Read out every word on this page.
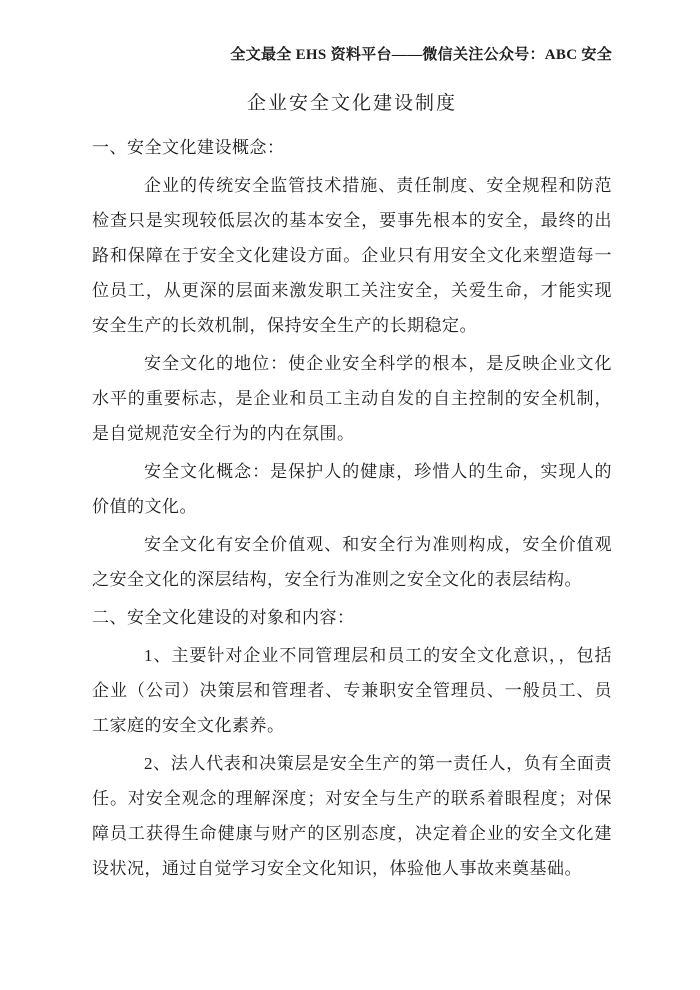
全文最全 EHS 资料平台——微信关注公众号：ABC 安全
企业安全文化建设制度
一、安全文化建设概念：
企业的传统安全监管技术措施、责任制度、安全规程和防范检查只是实现较低层次的基本安全，要事先根本的安全，最终的出路和保障在于安全文化建设方面。企业只有用安全文化来塑造每一位员工，从更深的层面来激发职工关注安全，关爱生命，才能实现安全生产的长效机制，保持安全生产的长期稳定。
安全文化的地位：使企业安全科学的根本，是反映企业文化水平的重要标志，是企业和员工主动自发的自主控制的安全机制，是自觉规范安全行为的内在氛围。
安全文化概念：是保护人的健康，珍惜人的生命，实现人的价值的文化。
安全文化有安全价值观、和安全行为准则构成，安全价值观之安全文化的深层结构，安全行为准则之安全文化的表层结构。
二、安全文化建设的对象和内容：
1、主要针对企业不同管理层和员工的安全文化意识，，包括企业（公司）决策层和管理者、专兼职安全管理员、一般员工、员工家庭的安全文化素养。
2、法人代表和决策层是安全生产的第一责任人，负有全面责任。对安全观念的理解深度；对安全与生产的联系着眼程度；对保障员工获得生命健康与财产的区别态度，决定着企业的安全文化建设状况，通过自觉学习安全文化知识，体验他人事故来奠基础。
